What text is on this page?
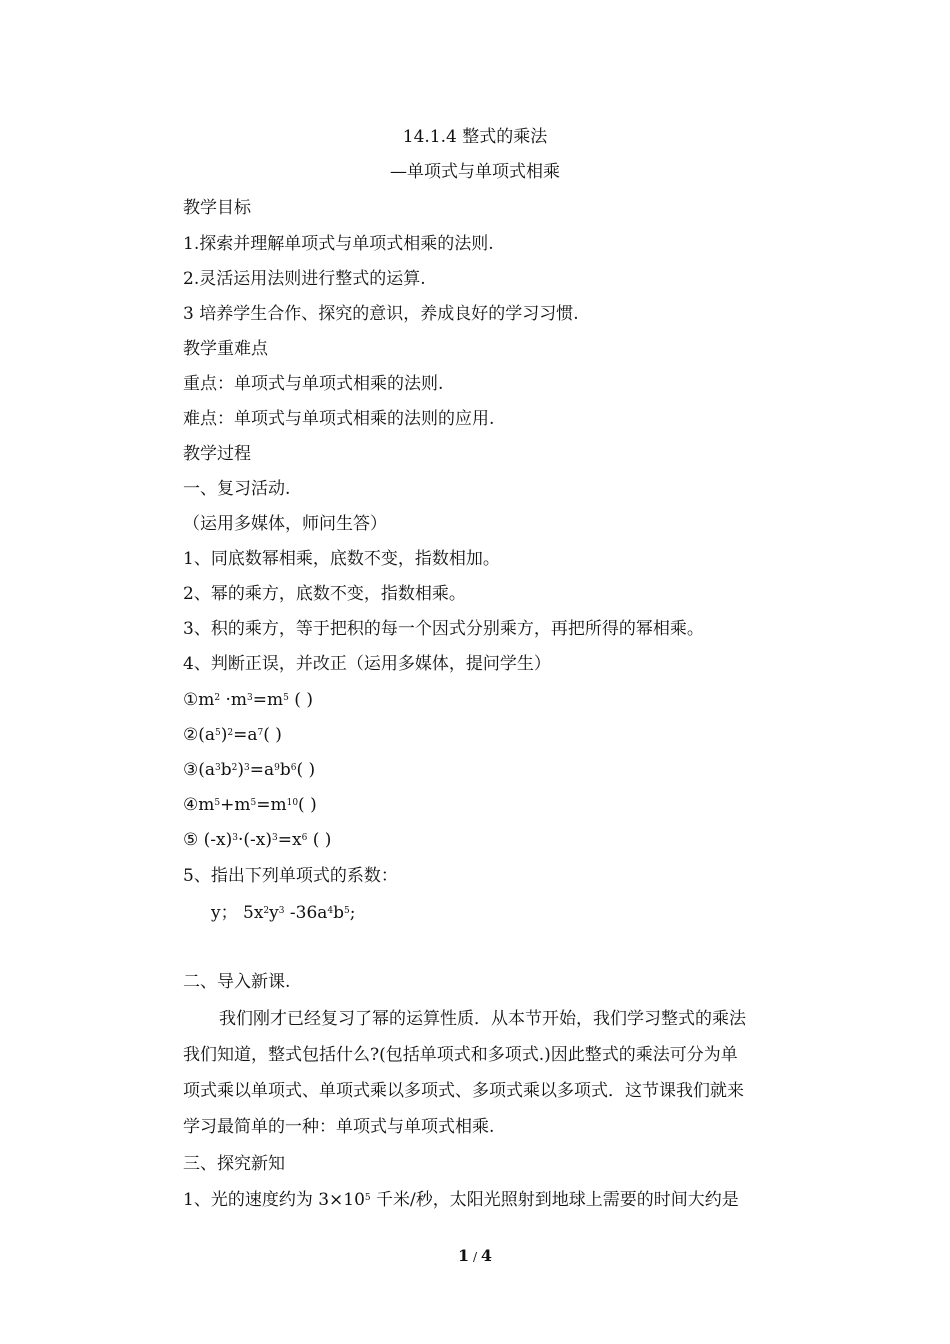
14.1.4 整式的乘法
—单项式与单项式相乘
教学目标
1.探索并理解单项式与单项式相乘的法则.
2.灵活运用法则进行整式的运算.
3 培养学生合作、探究的意识，养成良好的学习习惯.
教学重难点
重点：单项式与单项式相乘的法则.
难点：单项式与单项式相乘的法则的应用.
教学过程
一、复习活动.
（运用多媒体，师问生答）
1、同底数幂相乘，底数不变，指数相加。
2、幂的乘方，底数不变，指数相乘。
3、积的乘方，等于把积的每一个因式分别乘方，再把所得的幂相乘。
4、判断正误，并改正（运用多媒体，提问学生）
$①m^2 \cdot m^3=m^5$ ( )
$②(a^5)^2=a^7$( )
$③(a^3b^2)^3=a^9b^6$( )
$④m^5+m^5=m^{10}$( )
⑤ $(-x)^3\cdot(-x)^3=x^6$ ( )
5、指出下列单项式的系数：
y； $5x^2y^3$ $-36a^4b^5$;
二、导入新课.
我们刚才已经复习了幂的运算性质．从本节开始，我们学习整式的乘法
我们知道，整式包括什么?(包括单项式和多项式.)因此整式的乘法可分为单
项式乘以单项式、单项式乘以多项式、多项式乘以多项式．这节课我们就来
学习最简单的一种：单项式与单项式相乘.
三、探究新知
1、光的速度约为 $3\times 10^5$ 千米/秒，太阳光照射到地球上需要的时间大约是
1 / 4
